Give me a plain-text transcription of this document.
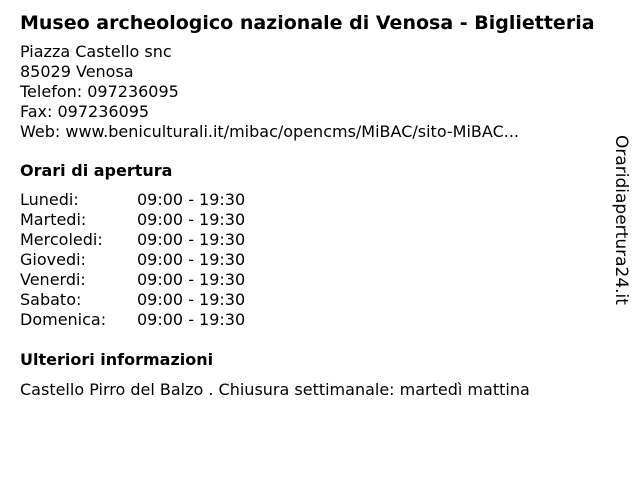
Museo archeologico nazionale di Venosa - Biglietteria
Piazza Castello snc
85029 Venosa
Telefon: 097236095
Fax: 097236095
Web: www.beniculturali.it/mibac/opencms/MiBAC/sito-MiBAC...
Orari di apertura
Lunedi:	09:00 - 19:30
Martedi:	09:00 - 19:30
Mercoledi:	09:00 - 19:30
Giovedi:	09:00 - 19:30
Venerdi:	09:00 - 19:30
Sabato:	09:00 - 19:30
Domenica:	09:00 - 19:30
Ulteriori informazioni
Castello Pirro del Balzo . Chiusura settimanale: martedì mattina
Oraridiapertura24.it
